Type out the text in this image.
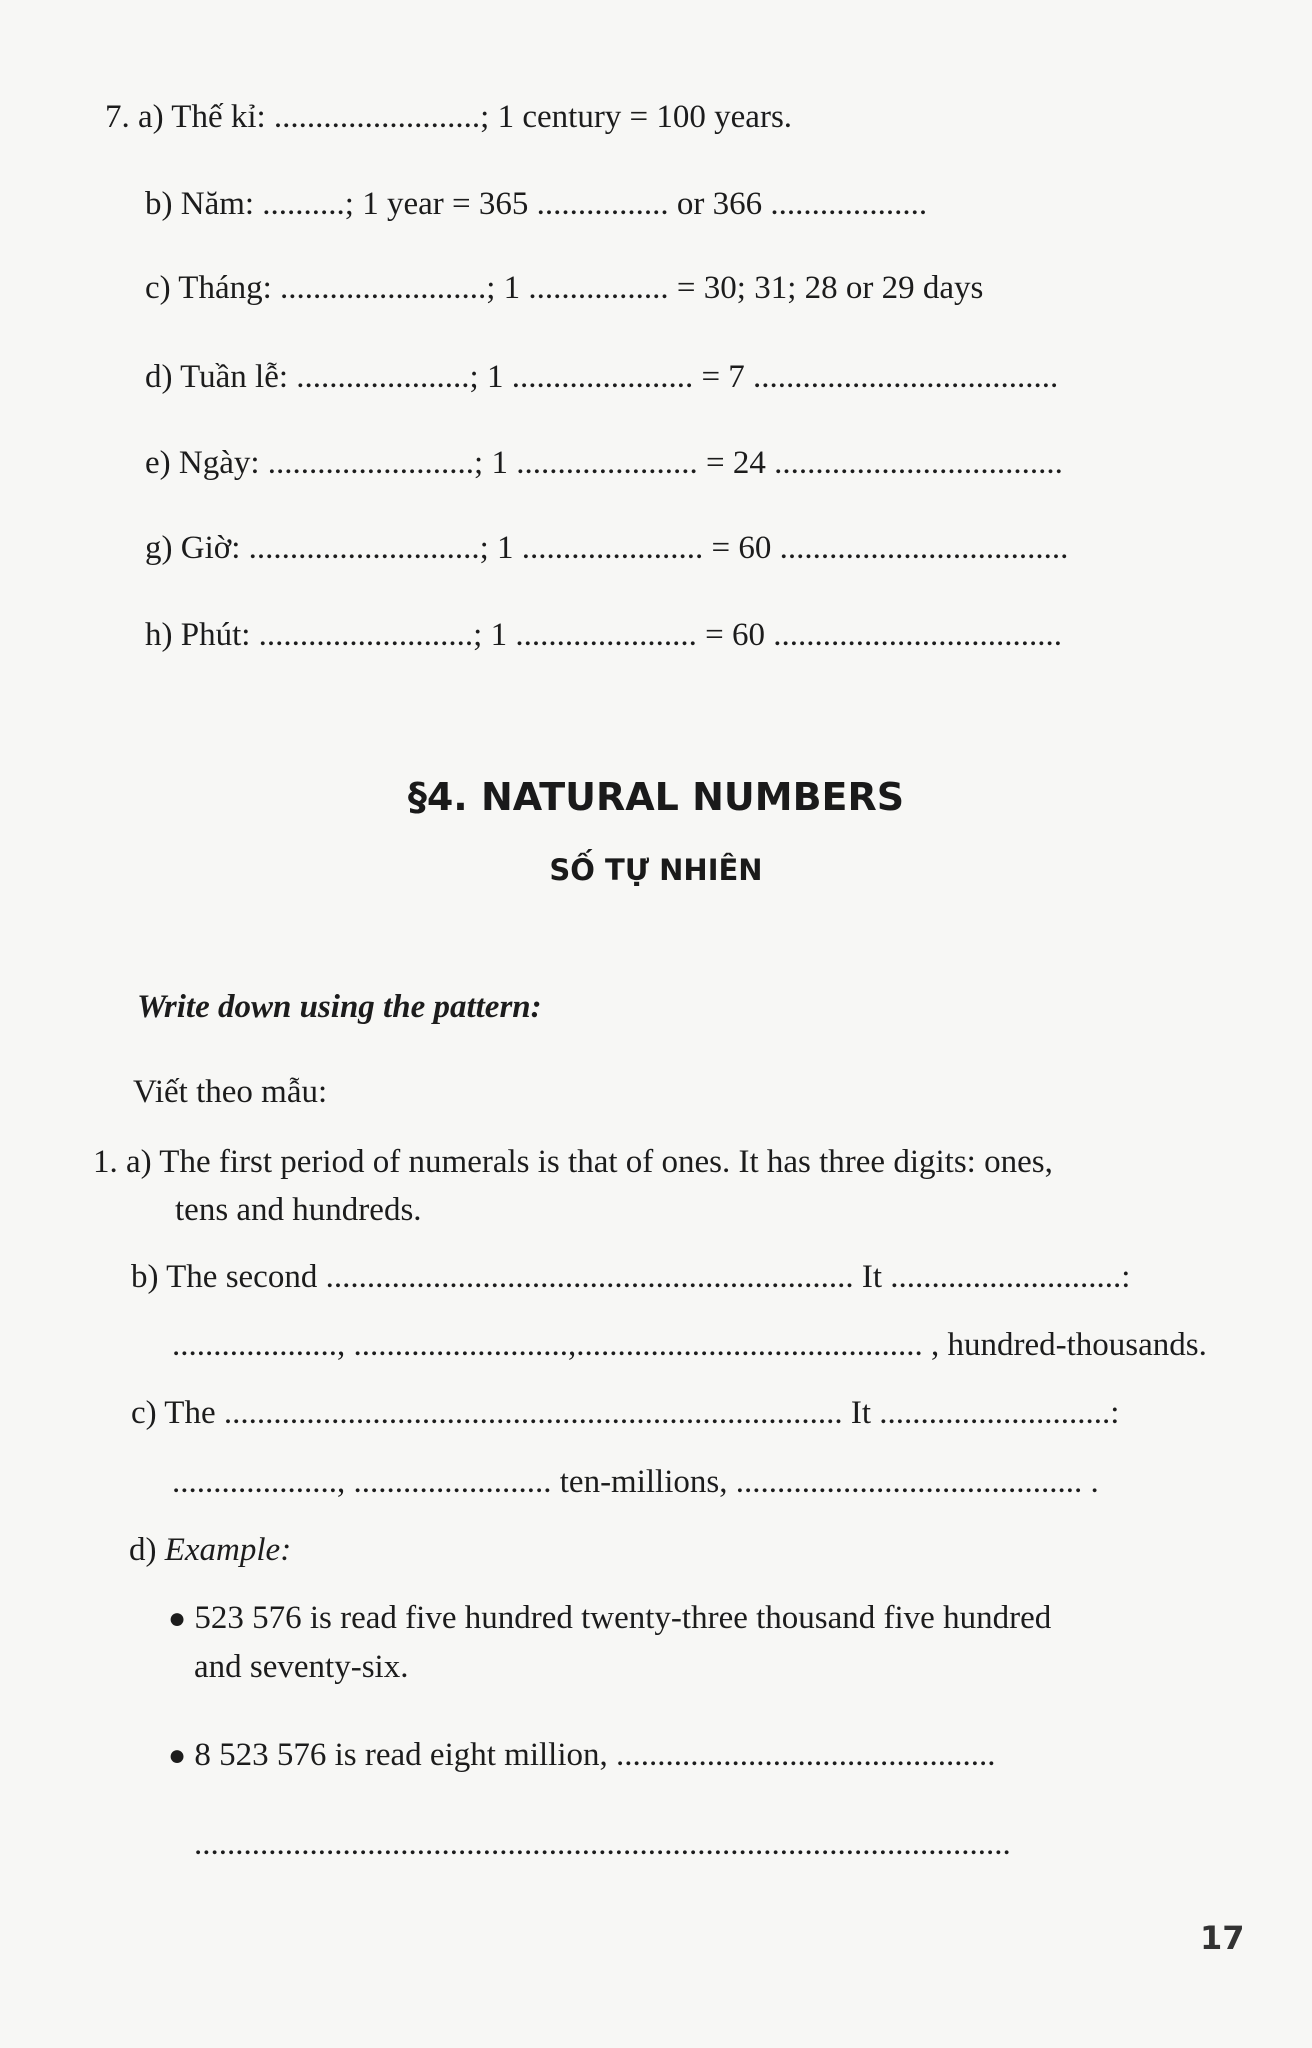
7. a) Thế kỉ: .........................; 1 century = 100 years.
b) Năm: ..........; 1 year = 365 ................ or 366 ...................
c) Tháng: .........................; 1 ................. = 30; 31; 28 or 29 days
d) Tuần lễ: .....................; 1 ...................... = 7 .....................................
e) Ngày: .........................; 1 ...................... = 24 ...................................
g) Giờ: ............................; 1 ...................... = 60 ...................................
h) Phút: ..........................; 1 ...................... = 60 ...................................
§4. NATURAL NUMBERS
SỐ TỰ NHIÊN
Write down using the pattern:
Viết theo mẫu:
1. a) The first period of numerals is that of ones. It has three digits: ones,
tens and hundreds.
b) The second ................................................................ It ............................:
...................., ..........................,.......................................... , hundred-thousands.
c) The ........................................................................... It ............................:
...................., ........................ ten-millions, .......................................... .
d) Example:
● 523 576 is read five hundred twenty-three thousand five hundred
and seventy-six.
● 8 523 576 is read eight million, ..............................................
...................................................................................................
17
